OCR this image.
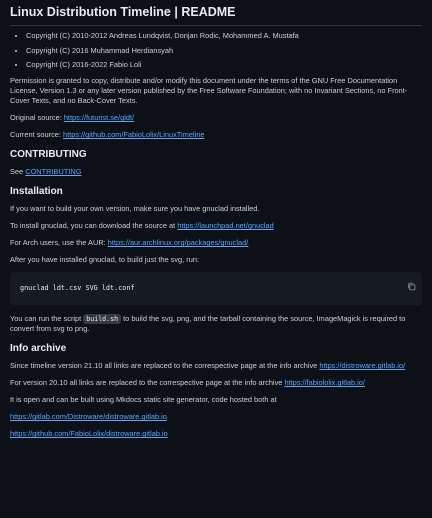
Linux Distribution Timeline | README
• Copyright (C) 2010-2012 Andreas Lundqvist, Donjan Rodic, Mohammed A. Mustafa
• Copyright (C) 2016 Muhammad Herdiansyah
• Copyright (C) 2016-2022 Fabio Loli

Permission is granted to copy, distribute and/or modify this document under the terms of the GNU Free Documentation License, Version 1.3 or any later version published by the Free Software Foundation; with no Invariant Sections, no Front-Cover Texts, and no Back-Cover Texts.

Original source: https://futurist.se/gldt/

Current source: https://github.com/FabioLolix/LinuxTimeline

CONTRIBUTING

See CONTRIBUTING

Installation

If you want to build your own version, make sure you have gnuclad installed.

To install gnuclad, you can download the source at https://launchpad.net/gnuclad

For Arch users, use the AUR: https://aur.archlinux.org/packages/gnuclad/

After you have installed gnuclad, to build just the svg, run:

gnuclad ldt.csv SVG ldt.conf

You can run the script build.sh to build the svg, png, and the tarball containing the source, ImageMagick is required to convert from svg to png.

Info archive

Since timeline version 21.10 all links are replaced to the correspective page at the info archive https://distroware.gitlab.io/

For version 20.10 all links are replaced to the correspective page at the info archive https://fabiololix.gitlab.io/

It is open and can be built using Mkdocs static site generator, code hosted both at

https://gitlab.com/Distroware/distroware.gitlab.io

https://github.com/FabioLolix/distroware.gitlab.io
